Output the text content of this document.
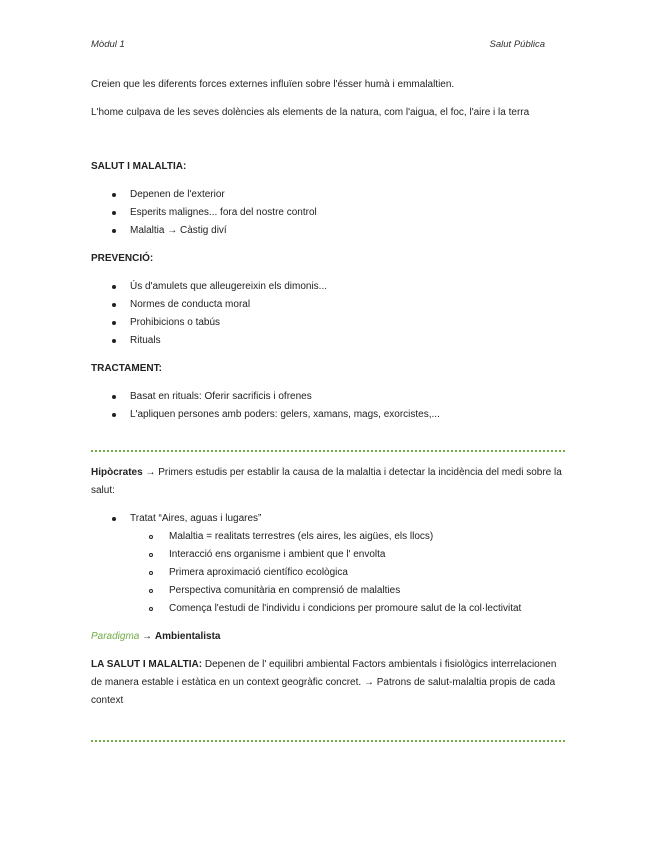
Mòdul 1	Salut Pública

Creien que les diferents forces externes influïen sobre l'ésser humà i emmalaltien.

L'home culpava de les seves dolències als elements de la natura, com l'aigua, el foc, l'aire i la terra

SALUT I MALALTIA:

Depenen de l'exterior
Esperits malignes... fora del nostre control
Malaltia → Càstig diví

PREVENCIÓ:

Ús d'amulets que alleugereixin els dimonis...
Normes de conducta moral
Prohibicions o tabús
Rituals

TRACTAMENT:

Basat en rituals: Oferir sacrificis i ofrenes
L'apliquen persones amb poders: gelers, xamans, mags, exorcistes,...

Hipòcrates → Primers estudis per establir la causa de la malaltia i detectar la incidència del medi sobre la salut:

Tratat “Aires, aguas i lugares”
Malaltia = realitats terrestres (els aires, les aigües, els llocs)
Interacció ens organisme i ambient que l' envolta
Primera aproximació científico ecològica
Perspectiva comunitària en comprensió de malalties
Comença l'estudi de l'individu i condicions per promoure salut de la col·lectivitat

Paradigma → Ambientalista

LA SALUT I MALALTIA: Depenen de l' equilibri ambiental Factors ambientals i fisiològics interrelacionen de manera estable i estàtica en un context geogràfic concret. → Patrons de salut-malaltia propis de cada context
